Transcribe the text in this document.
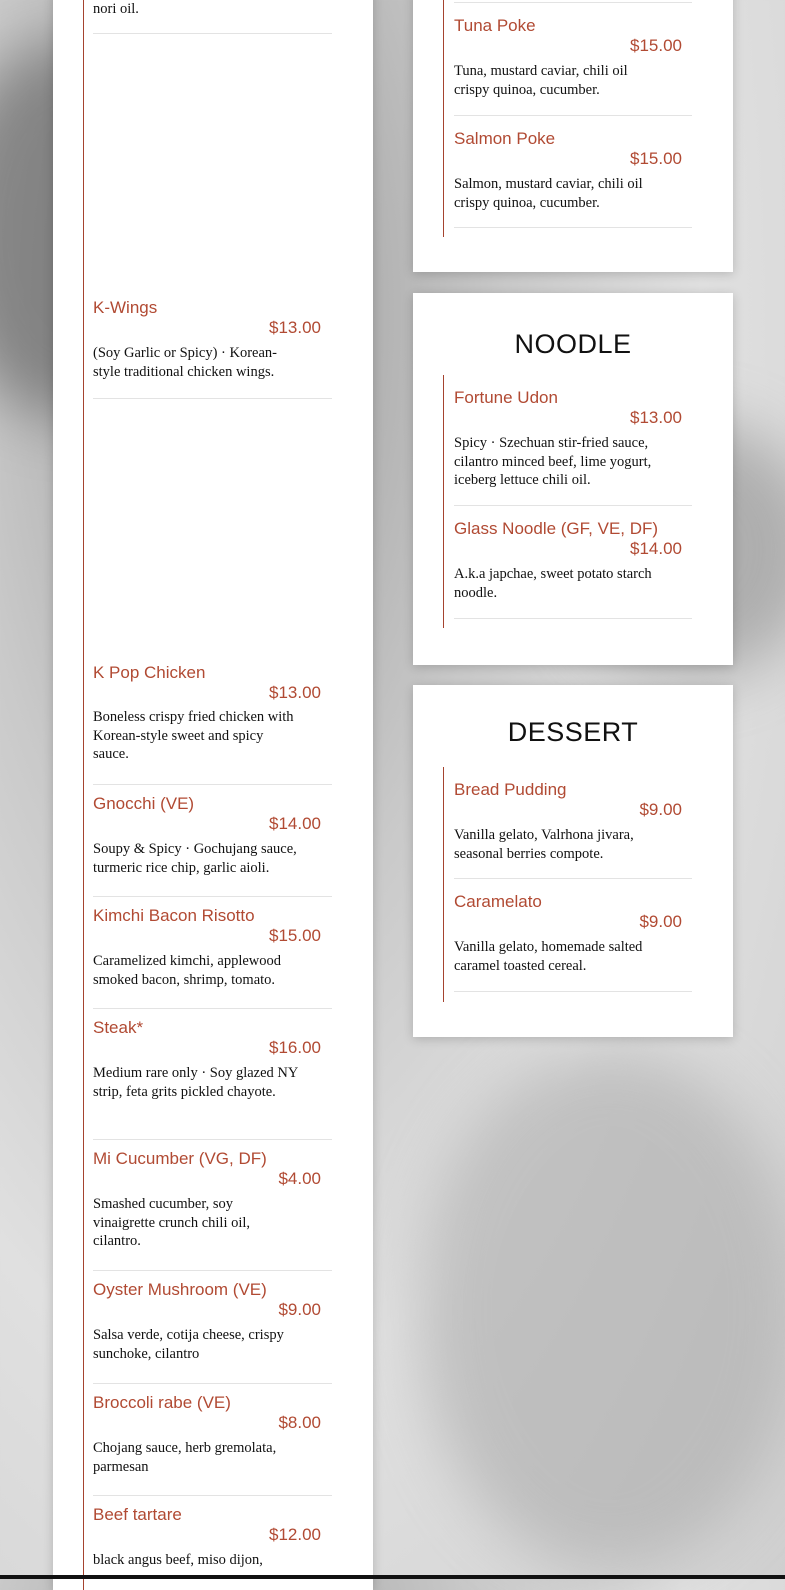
nori oil.
K-Wings
$13.00
(Soy Garlic or Spicy) · Korean-style traditional chicken wings.
K Pop Chicken
$13.00
Boneless crispy fried chicken with Korean-style sweet and spicy sauce.
Gnocchi (VE)
$14.00
Soupy & Spicy · Gochujang sauce, turmeric rice chip, garlic aioli.
Kimchi Bacon Risotto
$15.00
Caramelized kimchi, applewood smoked bacon, shrimp, tomato.
Steak*
$16.00
Medium rare only · Soy glazed NY strip, feta grits pickled chayote.
Mi Cucumber (VG, DF)
$4.00
Smashed cucumber, soy vinaigrette crunch chili oil, cilantro.
Oyster Mushroom (VE)
$9.00
Salsa verde, cotija cheese, crispy sunchoke, cilantro
Broccoli rabe (VE)
$8.00
Chojang sauce, herb gremolata, parmesan
Beef tartare
$12.00
black angus beef, miso dijon,
Tuna Poke
$15.00
Tuna, mustard caviar, chili oil crispy quinoa, cucumber.
Salmon Poke
$15.00
Salmon, mustard caviar, chili oil crispy quinoa, cucumber.
NOODLE
Fortune Udon
$13.00
Spicy · Szechuan stir-fried sauce, cilantro minced beef, lime yogurt, iceberg lettuce chili oil.
Glass Noodle (GF, VE, DF)
$14.00
A.k.a japchae, sweet potato starch noodle.
DESSERT
Bread Pudding
$9.00
Vanilla gelato, Valrhona jivara, seasonal berries compote.
Caramelato
$9.00
Vanilla gelato, homemade salted caramel toasted cereal.
